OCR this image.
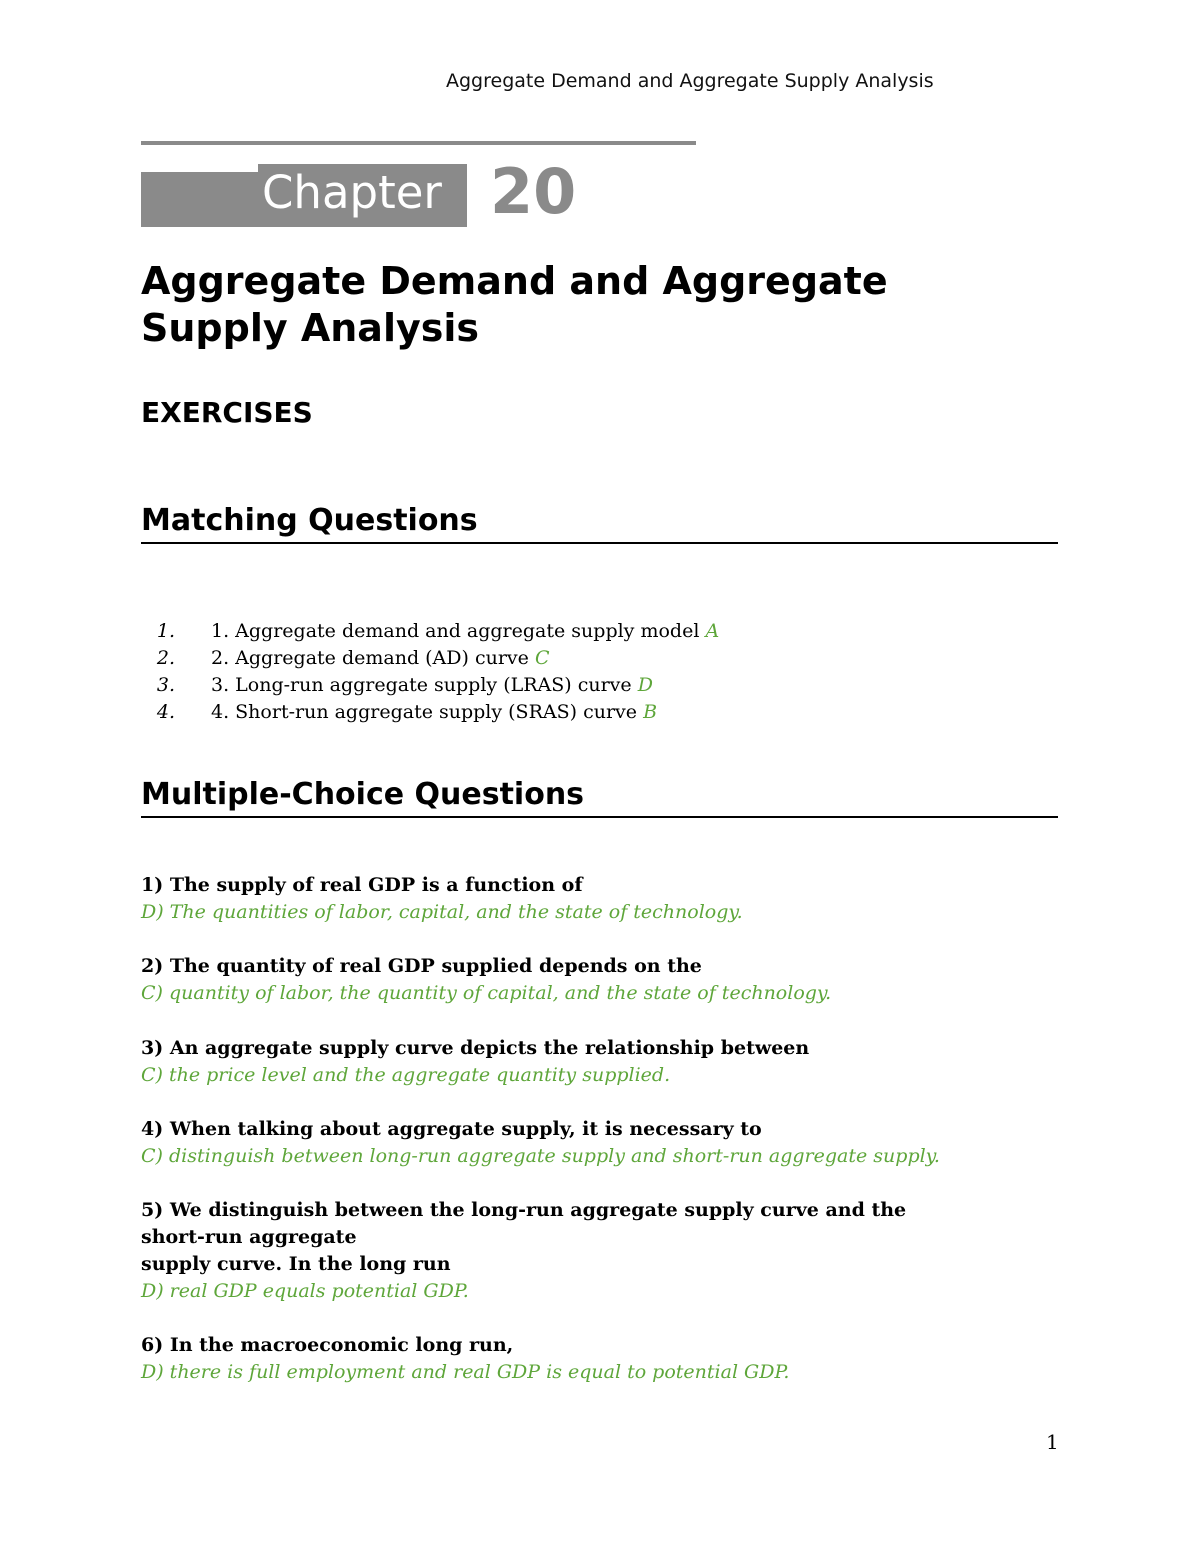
Aggregate Demand and Aggregate Supply Analysis
Chapter 20
Aggregate Demand and Aggregate
Supply Analysis
EXERCISES
Matching Questions
1. 1. Aggregate demand and aggregate supply model A
2. 2. Aggregate demand (AD) curve C
3. 3. Long-run aggregate supply (LRAS) curve D
4. 4. Short-run aggregate supply (SRAS) curve B
Multiple-Choice Questions

1) The supply of real GDP is a function of

D) The quantities of labor, capital, and the state of technology.

2) The quantity of real GDP supplied depends on the

C) quantity of labor, the quantity of capital, and the state of technology.

3) An aggregate supply curve depicts the relationship between

C) the price level and the aggregate quantity supplied.

4) When talking about aggregate supply, it is necessary to

C) distinguish between long-run aggregate supply and short-run aggregate supply.

5) We distinguish between the long-run aggregate supply curve and the short-run aggregate

supply curve. In the long run

D) real GDP equals potential GDP.

6) In the macroeconomic long run,

D) there is full employment and real GDP is equal to potential GDP.

1
